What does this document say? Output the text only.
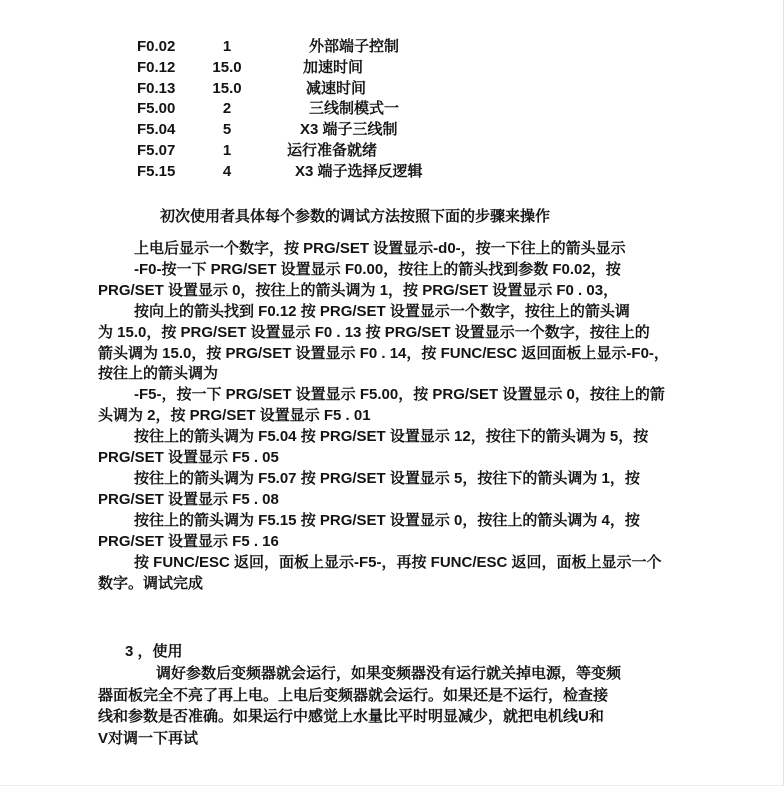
F0.02	1	外部端子控制
F0.12	15.0	加速时间
F0.13	15.0	减速时间
F5.00	2	三线制模式一
F5.04	5	X3 端子三线制
F5.07	1	运行准备就绪
F5.15	4	X3 端子选择反逻辑
初次使用者具体每个参数的调试方法按照下面的步骤来操作
上电后显示一个数字，按 PRG/SET 设置显示-d0-，按一下往上的箭头显示
-F0-按一下 PRG/SET 设置显示 F0.00，按往上的箭头找到参数 F0.02，按
PRG/SET 设置显示 0，按往上的箭头调为 1，按 PRG/SET 设置显示 F0 . 03，
按向上的箭头找到 F0.12 按 PRG/SET 设置显示一个数字，按往上的箭头调
为 15.0，按 PRG/SET 设置显示 F0 . 13 按 PRG/SET 设置显示一个数字，按往上的
箭头调为 15.0，按 PRG/SET 设置显示 F0 . 14，按 FUNC/ESC 返回面板上显示-F0-，
按往上的箭头调为
-F5-，按一下 PRG/SET 设置显示 F5.00，按 PRG/SET 设置显示 0，按往上的箭
头调为 2，按 PRG/SET 设置显示 F5 . 01
按往上的箭头调为 F5.04 按 PRG/SET 设置显示 12，按往下的箭头调为 5，按
PRG/SET 设置显示 F5 . 05
按往上的箭头调为 F5.07 按 PRG/SET 设置显示 5，按往下的箭头调为 1，按
PRG/SET 设置显示 F5 . 08
按往上的箭头调为 F5.15 按 PRG/SET 设置显示 0，按往上的箭头调为 4，按
PRG/SET 设置显示 F5 . 16
按 FUNC/ESC 返回，面板上显示-F5-，再按 FUNC/ESC 返回，面板上显示一个
数字。调试完成
3 ，使用
调好参数后变频器就会运行，如果变频器没有运行就关掉电源，等变频
器面板完全不亮了再上电。上电后变频器就会运行。如果还是不运行，检查接
线和参数是否准确。如果运行中感觉上水量比平时明显减少，就把电机线U和
V对调一下再试
